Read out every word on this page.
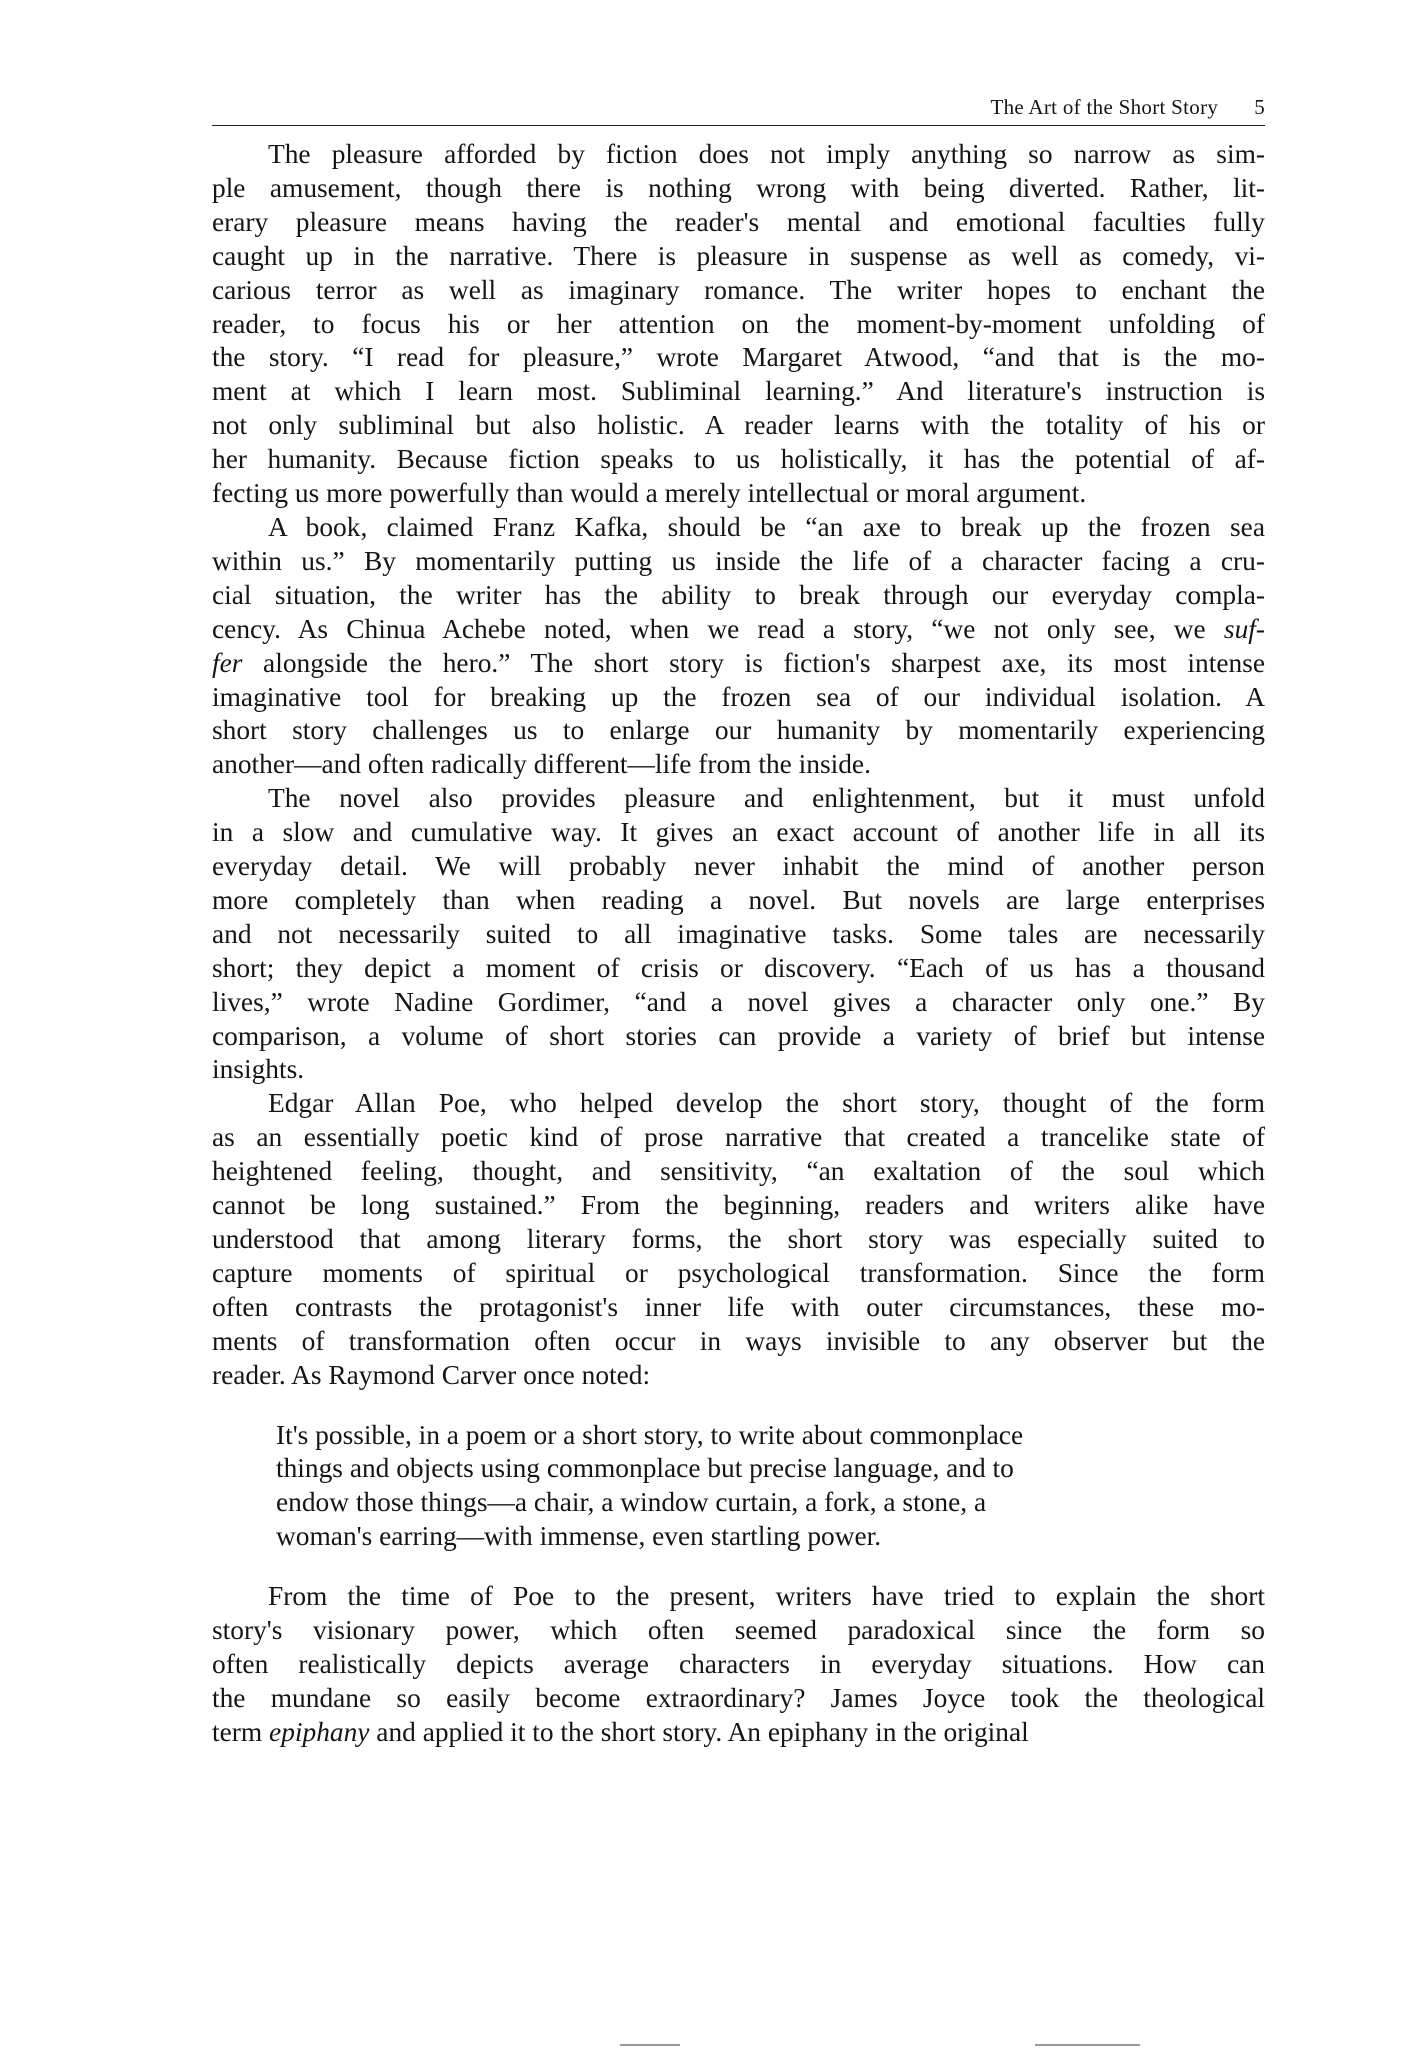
The Art of the Short Story 5
The pleasure afforded by fiction does not imply anything so narrow as sim-
ple amusement, though there is nothing wrong with being diverted. Rather, lit-
erary pleasure means having the reader's mental and emotional faculties fully
caught up in the narrative. There is pleasure in suspense as well as comedy, vi-
carious terror as well as imaginary romance. The writer hopes to enchant the
reader, to focus his or her attention on the moment-by-moment unfolding of
the story. “I read for pleasure,” wrote Margaret Atwood, “and that is the mo-
ment at which I learn most. Subliminal learning.” And literature's instruction is
not only subliminal but also holistic. A reader learns with the totality of his or
her humanity. Because fiction speaks to us holistically, it has the potential of af-
fecting us more powerfully than would a merely intellectual or moral argument.
A book, claimed Franz Kafka, should be “an axe to break up the frozen sea
within us.” By momentarily putting us inside the life of a character facing a cru-
cial situation, the writer has the ability to break through our everyday compla-
cency. As Chinua Achebe noted, when we read a story, “we not only see, we suf-
fer alongside the hero.” The short story is fiction's sharpest axe, its most intense
imaginative tool for breaking up the frozen sea of our individual isolation. A
short story challenges us to enlarge our humanity by momentarily experiencing
another—and often radically different—life from the inside.
The novel also provides pleasure and enlightenment, but it must unfold
in a slow and cumulative way. It gives an exact account of another life in all its
everyday detail. We will probably never inhabit the mind of another person
more completely than when reading a novel. But novels are large enterprises
and not necessarily suited to all imaginative tasks. Some tales are necessarily
short; they depict a moment of crisis or discovery. “Each of us has a thousand
lives,” wrote Nadine Gordimer, “and a novel gives a character only one.” By
comparison, a volume of short stories can provide a variety of brief but intense
insights.
Edgar Allan Poe, who helped develop the short story, thought of the form
as an essentially poetic kind of prose narrative that created a trancelike state of
heightened feeling, thought, and sensitivity, “an exaltation of the soul which
cannot be long sustained.” From the beginning, readers and writers alike have
understood that among literary forms, the short story was especially suited to
capture moments of spiritual or psychological transformation. Since the form
often contrasts the protagonist's inner life with outer circumstances, these mo-
ments of transformation often occur in ways invisible to any observer but the
reader. As Raymond Carver once noted:
It's possible, in a poem or a short story, to write about commonplace
things and objects using commonplace but precise language, and to
endow those things—a chair, a window curtain, a fork, a stone, a
woman's earring—with immense, even startling power.
From the time of Poe to the present, writers have tried to explain the short
story's visionary power, which often seemed paradoxical since the form so
often realistically depicts average characters in everyday situations. How can
the mundane so easily become extraordinary? James Joyce took the theological
term epiphany and applied it to the short story. An epiphany in the original
